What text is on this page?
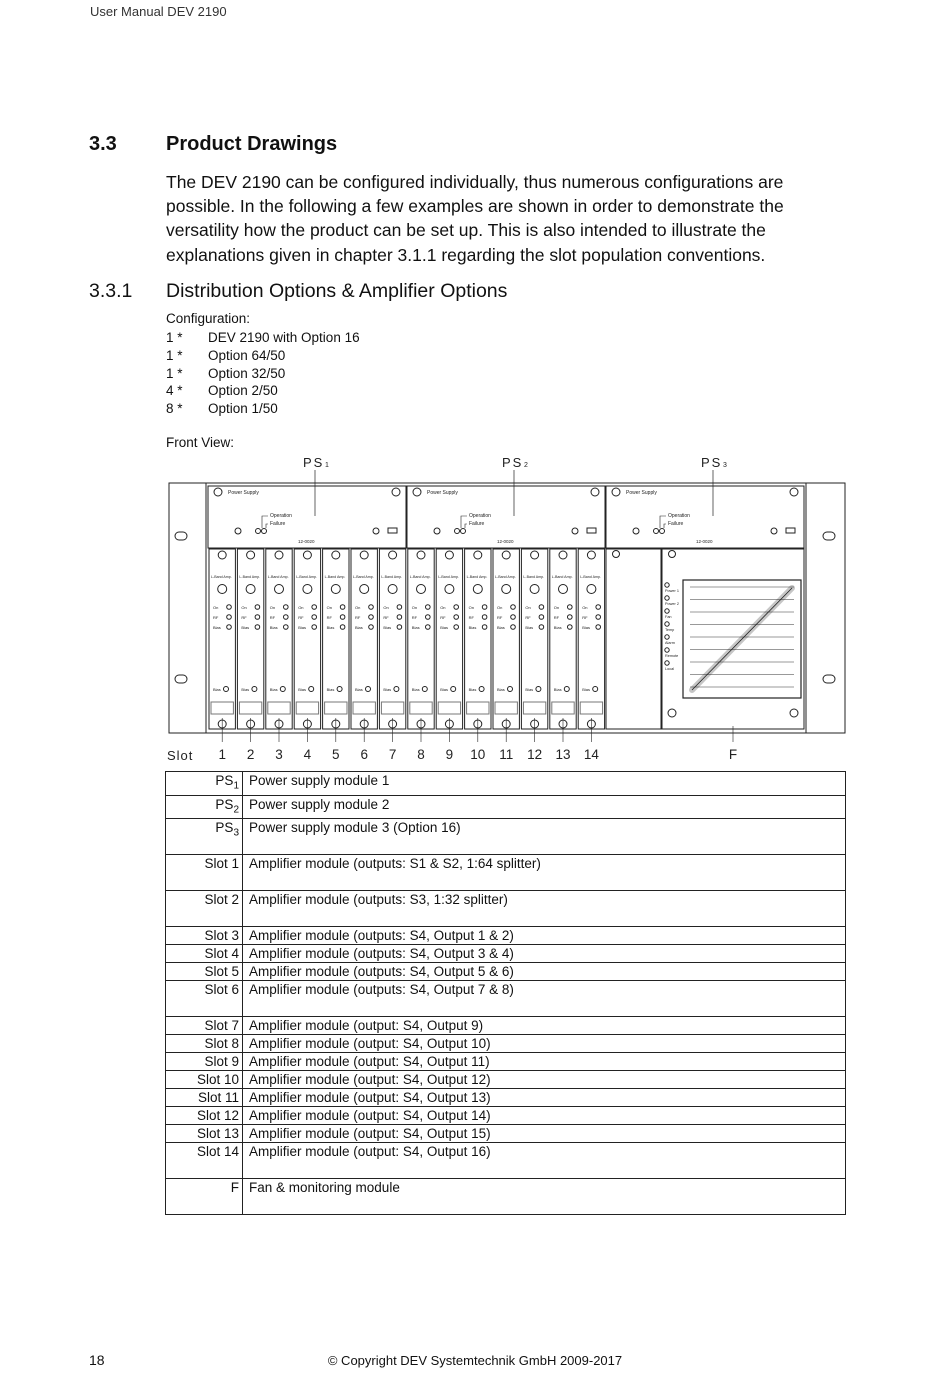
User Manual DEV 2190
3.3 Product Drawings
The DEV 2190 can be configured individually, thus numerous configurations are possible. In the following a few examples are shown in order to demonstrate the versatility how the product can be set up. This is also intended to illustrate the explanations given in chapter 3.1.1 regarding the slot population conventions.
3.3.1 Distribution Options & Amplifier Options
Configuration:
1 *	DEV 2190 with Option 16
1 *	Option 64/50
1 *	Option 32/50
4 *	Option 2/50
8 *	Option 1/50
Front View:
Power Supply
Operation
Failure
12-0020
PS 1
Power Supply
Operation
Failure
12-0020
PS 2
Power Supply
Operation
Failure
12-0020
PS 3
L-Band Amp.
On
RF
Bias
Bias
1
L-Band Amp.
On
RF
Bias
Bias
2
L-Band Amp.
On
RF
Bias
Bias
3
L-Band Amp.
On
RF
Bias
Bias
4
L-Band Amp.
On
RF
Bias
Bias
5
L-Band Amp.
On
RF
Bias
Bias
6
L-Band Amp.
On
RF
Bias
Bias
7
L-Band Amp.
On
RF
Bias
Bias
8
L-Band Amp.
On
RF
Bias
Bias
9
L-Band Amp.
On
RF
Bias
Bias
10
L-Band Amp.
On
RF
Bias
Bias
11
L-Band Amp.
On
RF
Bias
Bias
12
L-Band Amp.
On
RF
Bias
Bias
13
L-Band Amp.
On
RF
Bias
Bias
14
Power 1
Power 2
Fan
Temp
Alarm
Remote
Local
F
Slot
$PS_1$	Power supply module 1
$PS_2$	Power supply module 2
$PS_3$	Power supply module 3 (Option 16)
Slot 1	Amplifier module (outputs: S1 & S2, 1:64 splitter)
Slot 2	Amplifier module (outputs: S3, 1:32 splitter)
Slot 3	Amplifier module (outputs: S4, Output 1 & 2)
Slot 4	Amplifier module (outputs: S4, Output 3 & 4)
Slot 5	Amplifier module (outputs: S4, Output 5 & 6)
Slot 6	Amplifier module (outputs: S4, Output 7 & 8)
Slot 7	Amplifier module (output: S4, Output 9)
Slot 8	Amplifier module (output: S4, Output 10)
Slot 9	Amplifier module (output: S4, Output 11)
Slot 10	Amplifier module (output: S4, Output 12)
Slot 11	Amplifier module (output: S4, Output 13)
Slot 12	Amplifier module (output: S4, Output 14)
Slot 13	Amplifier module (output: S4, Output 15)
Slot 14	Amplifier module (output: S4, Output 16)
F	Fan & monitoring module
18	© Copyright DEV Systemtechnik GmbH 2009-2017
